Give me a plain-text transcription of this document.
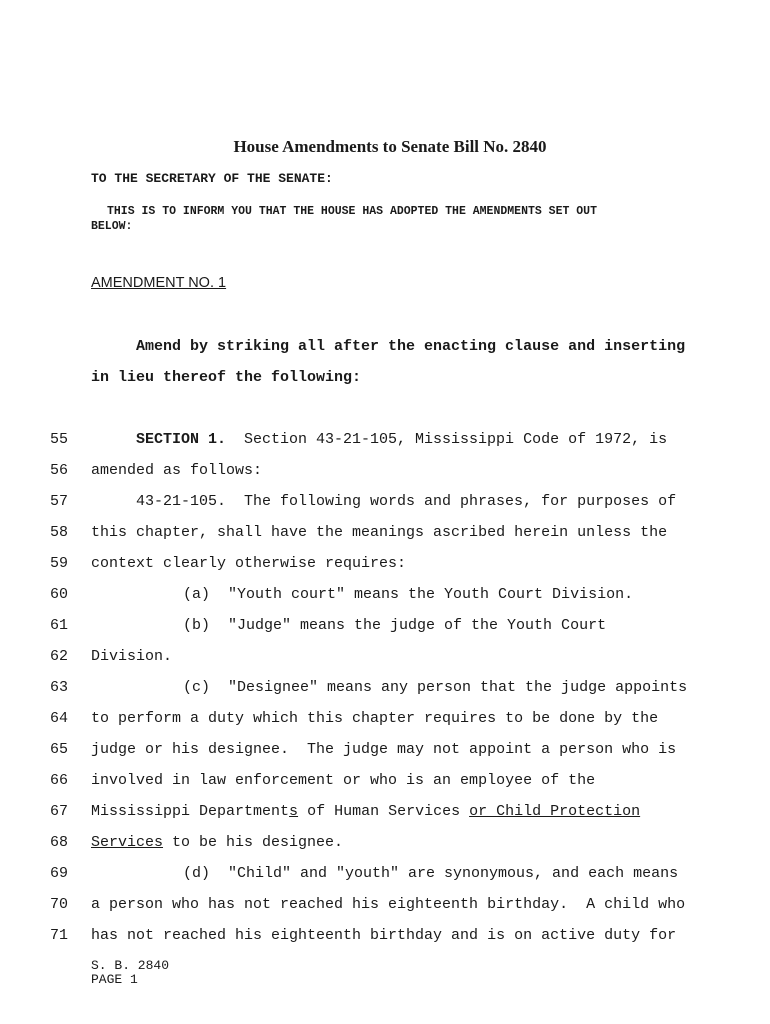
House Amendments to Senate Bill No. 2840
TO THE SECRETARY OF THE SENATE:
THIS IS TO INFORM YOU THAT THE HOUSE HAS ADOPTED THE AMENDMENTS SET OUT
BELOW:
AMENDMENT NO. 1
Amend by striking all after the enacting clause and inserting
in lieu thereof the following:
55	SECTION 1.  Section 43-21-105, Mississippi Code of 1972, is
56 amended as follows:
57	43-21-105.  The following words and phrases, for purposes of
58 this chapter, shall have the meanings ascribed herein unless the
59 context clearly otherwise requires:
60	(a)  "Youth court" means the Youth Court Division.
61	(b)  "Judge" means the judge of the Youth Court
62 Division.
63	(c)  "Designee" means any person that the judge appoints
64 to perform a duty which this chapter requires to be done by the
65 judge or his designee.  The judge may not appoint a person who is
66 involved in law enforcement or who is an employee of the
67 Mississippi Departments of Human Services or Child Protection
68 Services to be his designee.
69	(d)  "Child" and "youth" are synonymous, and each means
70 a person who has not reached his eighteenth birthday.  A child who
71 has not reached his eighteenth birthday and is on active duty for
S. B. 2840
PAGE 1
